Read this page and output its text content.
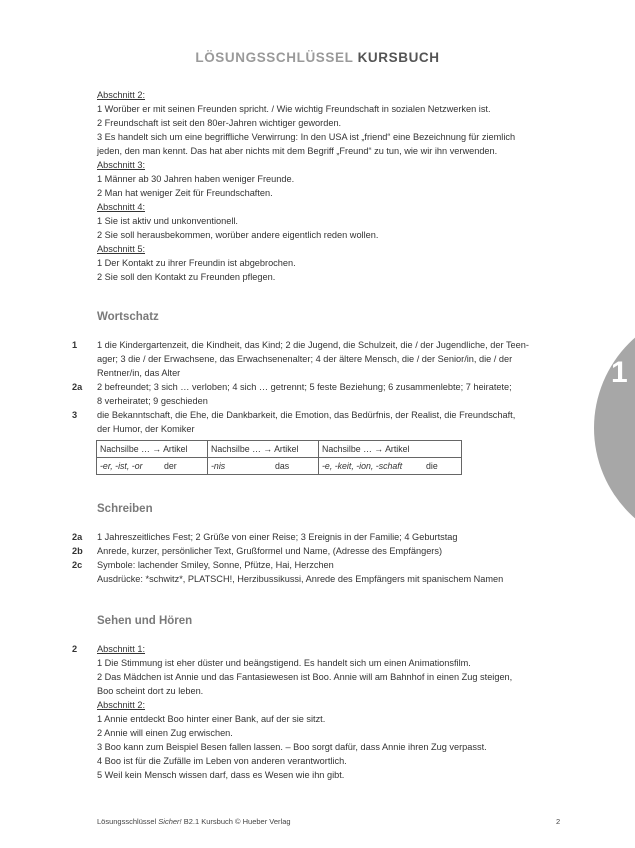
1
LÖSUNGSSCHLÜSSEL KURSBUCH
Abschnitt 2:
1 Worüber er mit seinen Freunden spricht. / Wie wichtig Freundschaft in sozialen Netzwerken ist.
2 Freundschaft ist seit den 80er-Jahren wichtiger geworden.
3 Es handelt sich um eine begriffliche Verwirrung: In den USA ist „friend“ eine Bezeichnung für ziemlich
jeden, den man kennt. Das hat aber nichts mit dem Begriff „Freund“ zu tun, wie wir ihn verwenden.
Abschnitt 3:
1 Männer ab 30 Jahren haben weniger Freunde.
2 Man hat weniger Zeit für Freundschaften.
Abschnitt 4:
1 Sie ist aktiv und unkonventionell.
2 Sie soll herausbekommen, worüber andere eigentlich reden wollen.
Abschnitt 5:
1 Der Kontakt zu ihrer Freundin ist abgebrochen.
2 Sie soll den Kontakt zu Freunden pflegen.
Wortschatz
1 1 die Kindergartenzeit, die Kindheit, das Kind; 2 die Jugend, die Schulzeit, die / der Jugendliche, der Teen-
ager; 3 die / der Erwachsene, das Erwachsenenalter; 4 der ältere Mensch, die / der Senior/in, die / der
Rentner/in, das Alter
2a 2 befreundet; 3 sich … verloben; 4 sich … getrennt; 5 feste Beziehung; 6 zusammenlebte; 7 heiratete;
8 verheiratet; 9 geschieden
3 die Bekanntschaft, die Ehe, die Dankbarkeit, die Emotion, das Bedürfnis, der Realist, die Freundschaft,
der Humor, der Komiker
Nachsilbe … → Artikel	Nachsilbe … → Artikel	Nachsilbe … → Artikel
-er, -ist, -or der	-nis das	-e, -keit, -ion, -schaft die
Schreiben
2a 1 Jahreszeitliches Fest; 2 Grüße von einer Reise; 3 Ereignis in der Familie; 4 Geburtstag
2b Anrede, kurzer, persönlicher Text, Grußformel und Name, (Adresse des Empfängers)
2c Symbole: lachender Smiley, Sonne, Pfütze, Hai, Herzchen
Ausdrücke: *schwitz*, PLATSCH!, Herzibussikussi, Anrede des Empfängers mit spanischem Namen
Sehen und Hören
2 Abschnitt 1:
1 Die Stimmung ist eher düster und beängstigend. Es handelt sich um einen Animationsfilm.
2 Das Mädchen ist Annie und das Fantasiewesen ist Boo. Annie will am Bahnhof in einen Zug steigen,
Boo scheint dort zu leben.
Abschnitt 2:
1 Annie entdeckt Boo hinter einer Bank, auf der sie sitzt.
2 Annie will einen Zug erwischen.
3 Boo kann zum Beispiel Besen fallen lassen. – Boo sorgt dafür, dass Annie ihren Zug verpasst.
4 Boo ist für die Zufälle im Leben von anderen verantwortlich.
5 Weil kein Mensch wissen darf, dass es Wesen wie ihn gibt.
Lösungsschlüssel Sicher! B2.1 Kursbuch © Hueber Verlag	2
